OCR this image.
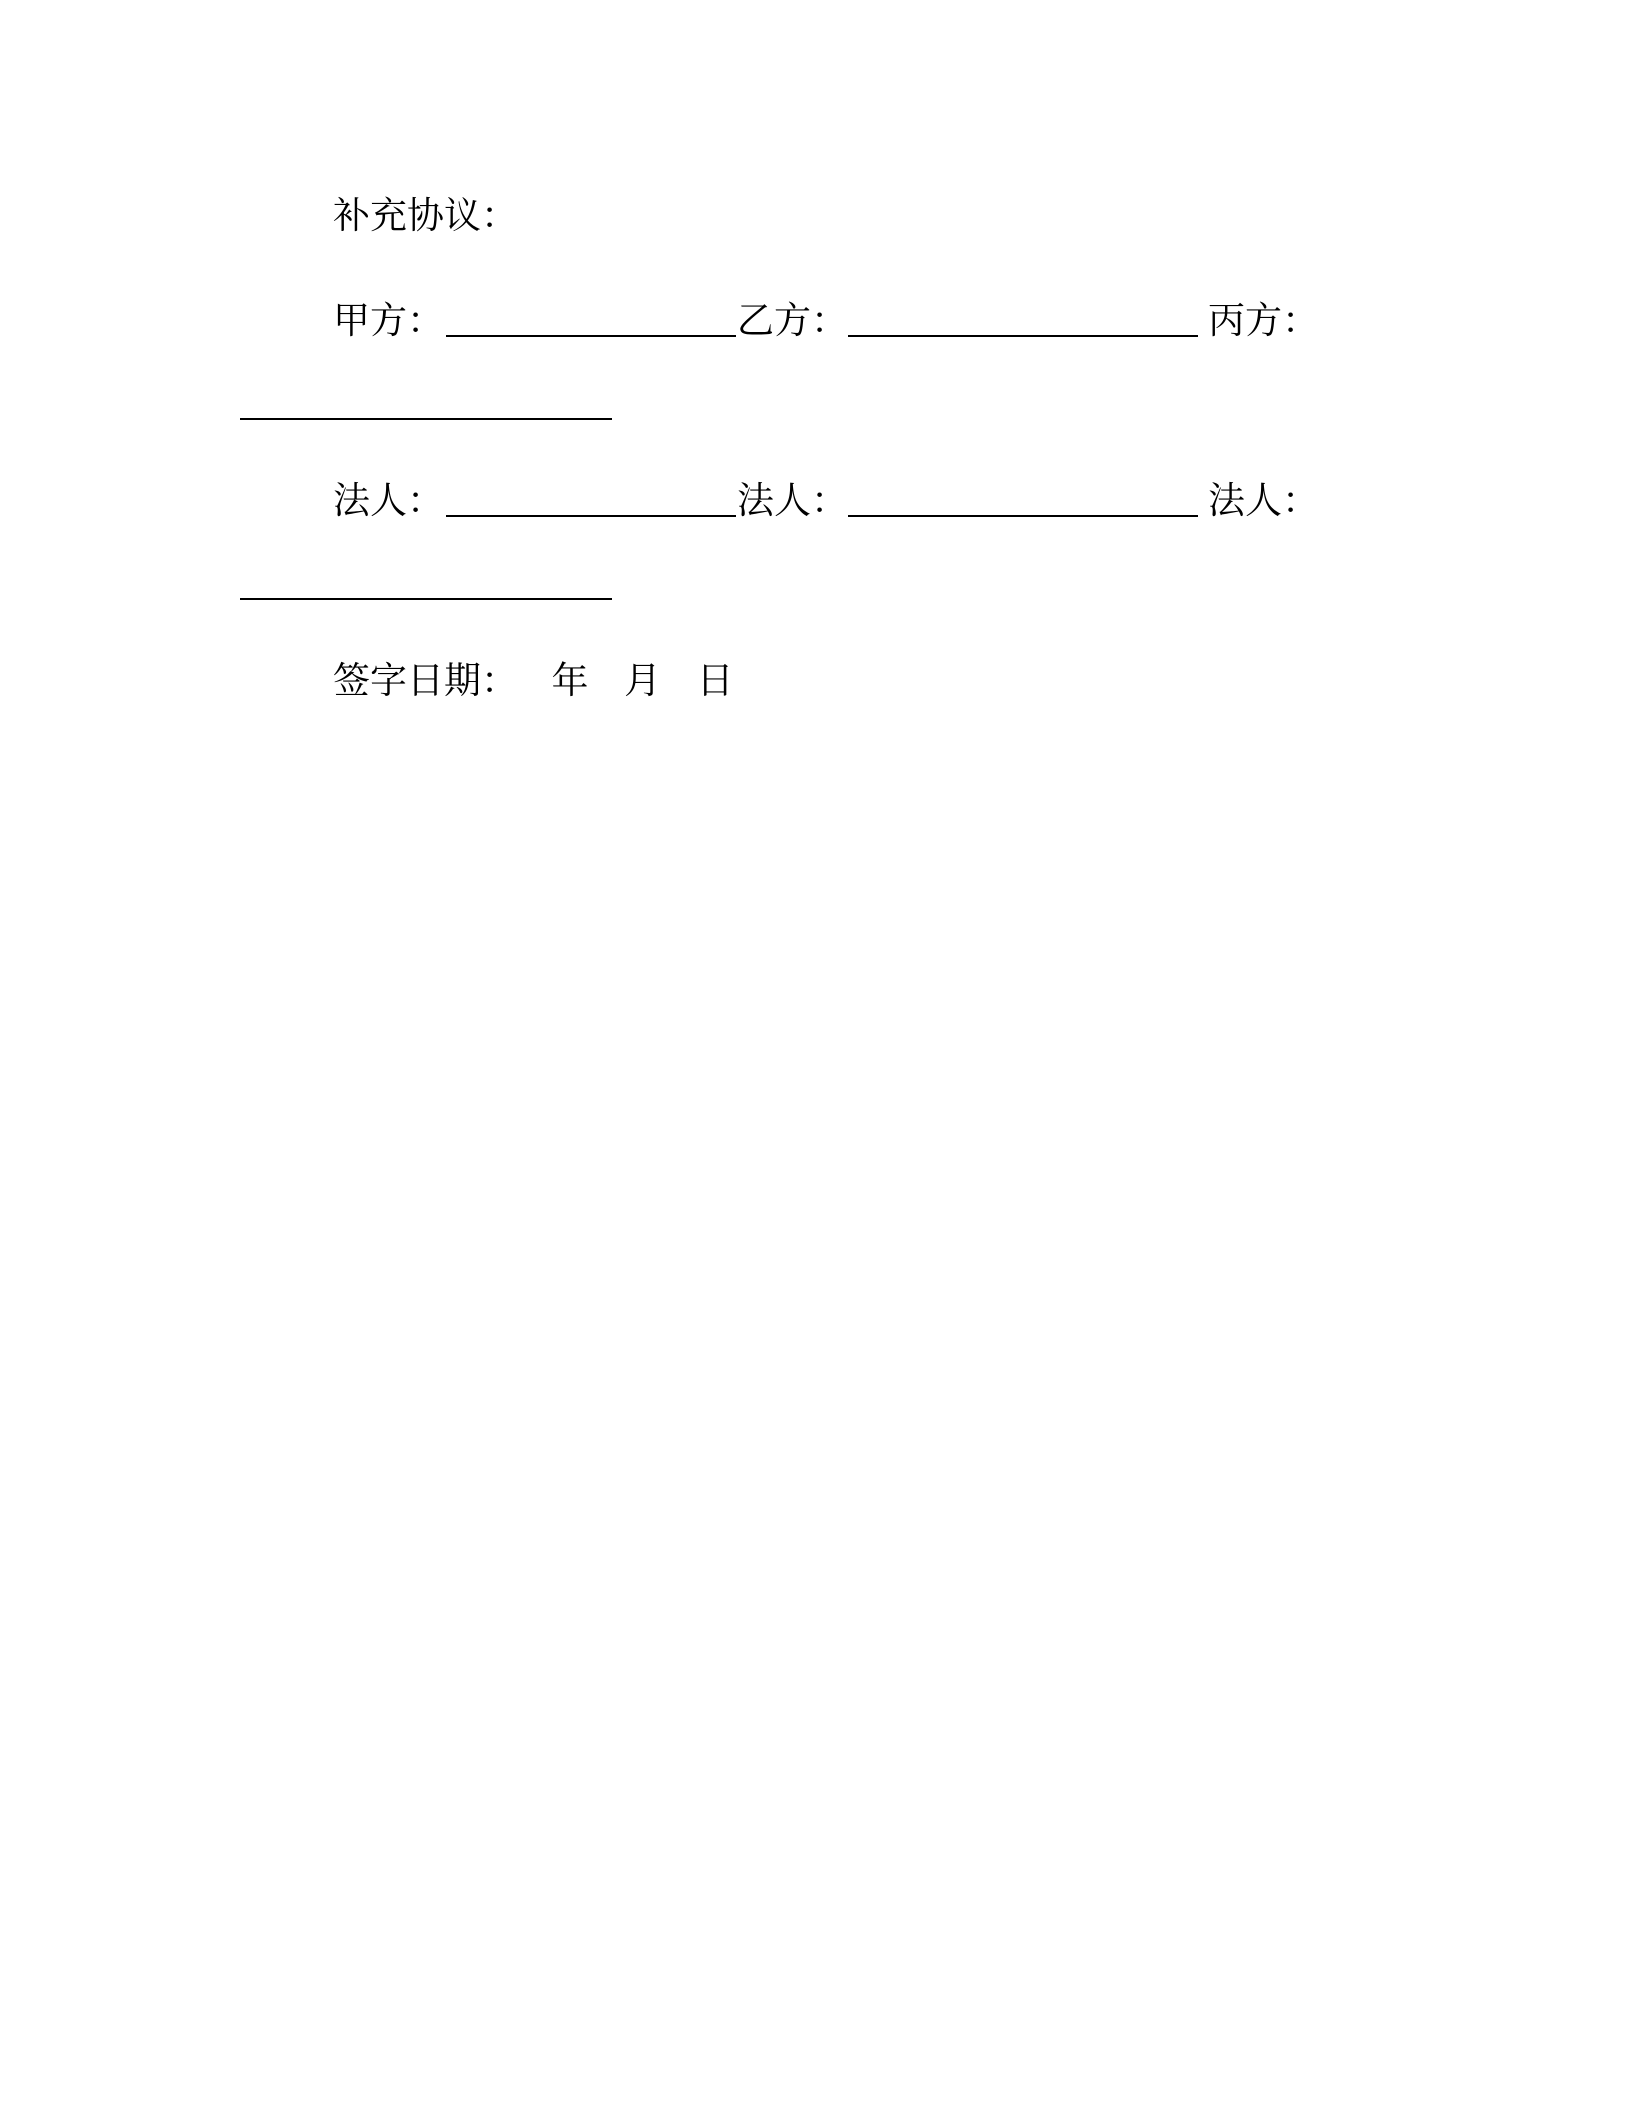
补充协议：
甲方：	乙方：	丙方：
法人：	法人：	法人：
签字日期： 年 月 日
